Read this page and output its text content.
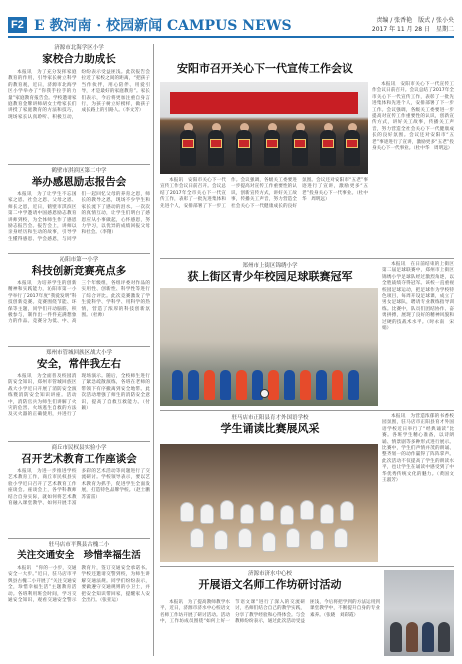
F2 E 教河南 · 校园新闻 CAMPUS NEWS	责编 / 张香艳　版式 / 张小央
2017 年 11 月 28 日　星期二
济源市北海学区小学
家校合力助成长

本报讯　为了充分发挥家庭教育的作用，引导家长树立科学的教育观，近日，济源市北海学区小学举办了“你我手拉手的力量”家庭教育报告会。学校邀请家庭教育金牌讲师胡女士给家长们讲授了家庭教育的方法和技巧，现场家长认真聆听、积极互动，纷纷表示受益匪浅。此次报告会拉近了家校之间的距离，“把孩子当作伙伴，用心陪伴、用爱引导，才是最好的家庭教育”。家长们表示，今后将更加注重自身言行，为孩子树立好榜样，做孩子成长路上的引路人。（李文芳）

鹤壁市淇滨区第二中学
举办感恩励志报告会

本报讯　为了让学生不忘国家之恩、社会之恩、父母之恩、师长之恩，近日，鹤壁市淇滨区第二中学邀请中国感恩励志教育讲师到校，为全体师生作了感恩励志报告会。报告会上，讲师以亲身经历和生动的故事，引导学生懂得感恩、学会感恩，与同学们一起回忆父母的养育之恩，师长的教导之恩，现场不少学生和家长流下了感动的泪水。一次次的真情互动，让学生们明白了感恩应从小事做起，心怀感恩，努力学习，以优异的成绩回报父母和社会。（李翔）

沁阳市第一小学
科技创新竞赛亮点多

本报讯　为培养学生的创新精神和实践能力，沁阳市第一小学举行了2017年度“我爱发明”科技创新竞赛。竞赛围绕节能、环保等主题，同学们开动脑筋，积极参与，制作出一件件充满想象力的作品。竞赛分为低、中、高三个年级组，各组评委对作品的实用性、创新性、科学性等进行了综合评比。此次竞赛激发了学生爱科学、学科学、用科学的热情，营造了浓厚的科技创新氛围。（杜帅）

郑州市管城回族区战大小学
安全，常伴我左右

本报讯　为全面普及校园消防安全知识，郑州市管城回族区战大小学近日开展了消防安全演练暨消防安全知识讲座。活动中，消防官兵为师生们讲解了火灾的危害、火场逃生自救的方法及灭火器的正确使用，并进行了现场演示。随后，全校师生进行了紧急疏散演练，各班在老师的带领下有序撤离到安全地带。此次活动增强了师生的消防安全意识，提高了自救互救能力。（付颖）

商丘市民权县实验小学
召开艺术教育工作座谈会

本报讯　为进一步推进学校艺术教育工作，商丘市民权县实验小学近日召开了艺术教育工作座谈会。座谈会上，各学科教师结合自身实际，就如何将艺术教育融入课堂教学、如何开展丰富多彩的艺术活动等问题进行了交流研讨。学校领导表示，要以艺术教育为抓手，促进学生全面发展，打造特色品牌学校。（赵士鹏　苏雷雷）

驻马店市平舆县古槐二小
关注交通安全　珍惜幸福生活

本报讯　“你的一小步，交通安全一大步。”近日，驻马店市平舆县古槐二小开展了“关注交通安全，珍惜幸福生活”主题教育活动。各班利用班会时间，学习交通安全知识，观看交通安全警示教育片，签订交通安全承诺书。学校还邀请交警到校，为师生讲解交通法规。同学们纷纷表示，要做遵守交通规则的小卫士，并把安全知识带回家，提醒家人安全出行。（张亚运）

安阳市召开关心下一代宣传工作会议

本报讯　安阳市关心下一代宣传工作会议日前召开。会议总结了2017年全市关心下一代宣传工作，表彰了一批先进集体和先进个人，安排部署了下一步工作。会议强调，各级关工委要进一步提高对宣传工作重要性的认识，创新宣传方式，讲好关工故事，传播关工声音，努力营造全社会关心下一代健康成长的良好氛围。会议还对安阳市“五老”事迹进行了宣讲，激励更多“五老”投身关心下一代事业。（杜中华　周明远）

本报讯　安阳市关心下一代宣传工作会议日前召开。会议总结了2017年全市关心下一代宣传工作，表彰了一批先进集体和先进个人，安排部署了下一步工作。会议强调，各级关工委要进一步提高对宣传工作重要性的认识，创新宣传方式，讲好关工故事，传播关工声音，努力营造全社会关心下一代健康成长的良好氛围。会议还对安阳市“五老”事迹进行了宣讲，激励更多“五老”投身关心下一代事业。（杜中华　周明远）

郑州市上街区锦绣小学
获上街区青少年校园足球联赛冠军

本报讯　在日前结束的上街区第二届足球联赛中，郑州市上街区锦绣小学足球队经过激烈角逐，以全胜战绩夺得冠军。该校一直重视校园足球运动，把足球作为学校特色项目，每周开设足球课，成立了男女足球队，聘请专业教练指导训练。比赛中，队员们团结协作、奋勇拼搏，展现了良好的精神风貌和过硬的技战术水平。（时永南　宋娟）

驻马店市正阳县育才外国语学校
学生诵读比赛展风采

本报讯　为营造浓郁的书香校园氛围，驻马店市正阳县育才外国语学校近日举行了“经典诵读”比赛。各班学生精心准备，以诗朗诵、情景剧等多种形式进行展示。比赛中，学生们声情并茂的朗诵、整齐划一的动作赢得了阵阵掌声。此次活动不仅提高了学生的朗读水平，也让学生在诵读中感受到了中华优秀传统文化的魅力。（黄国文　王淑芳）

济源市济水中心校
开展语文名师工作坊研讨活动

本报讯　为了提高教师教学水平，近日，济源市济水中心校语文名师工作坊开展了研讨活动。活动中，工作坊成员围绕“如何上好一节语文课”进行了深入的交流研讨，名师们结合自己的教学实践，分享了教学经验和心得体会。与会教师纷纷表示，通过此次活动受益匪浅，今后将把学到的方法运用到课堂教学中，不断提升自身的专业素养。（张晓　刘彩霞）
